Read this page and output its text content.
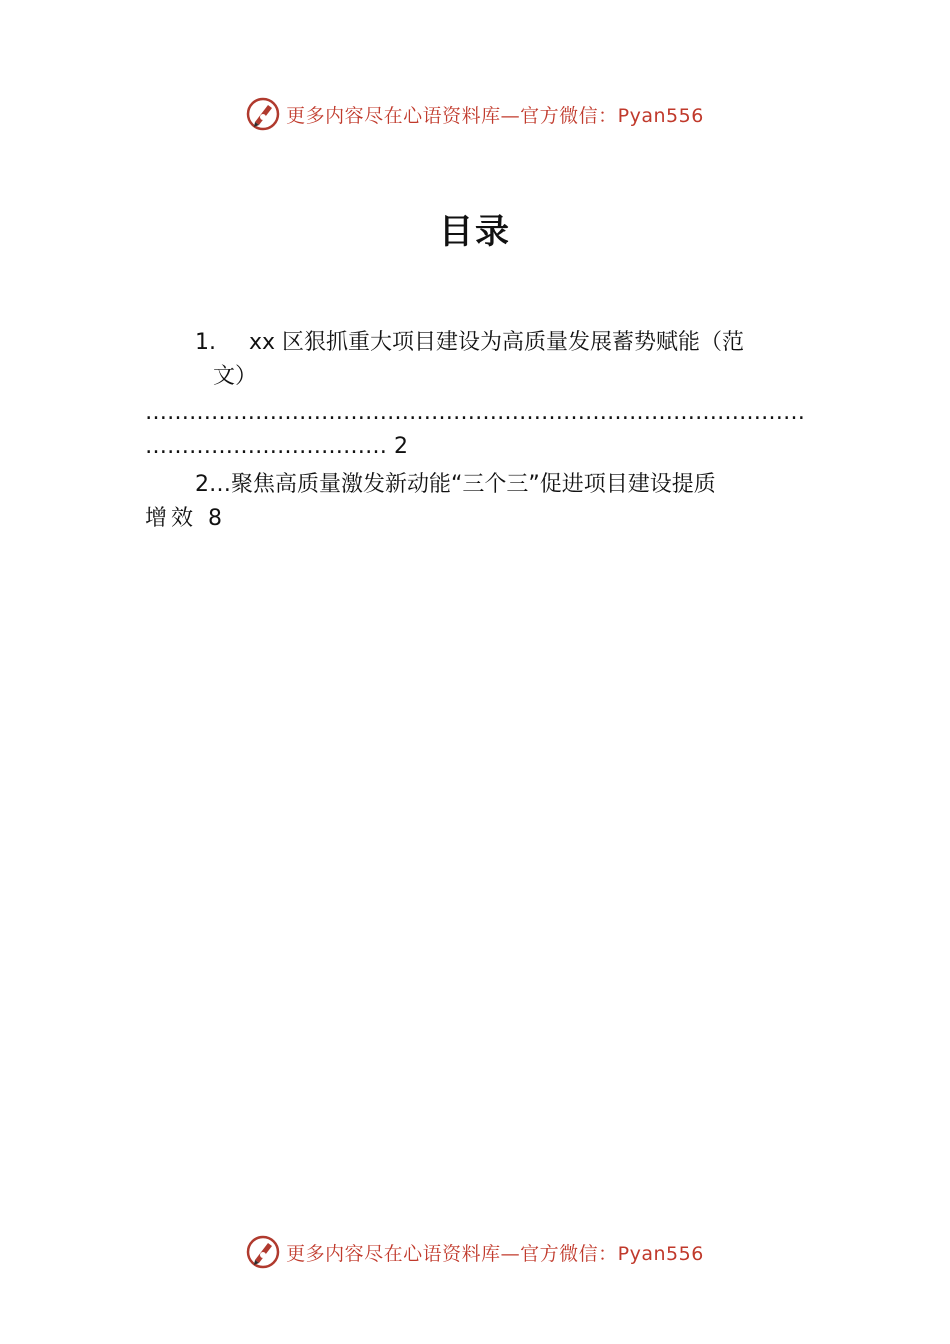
更多内容尽在心语资料库—官方微信：Pyan556
目录
1. xx 区狠抓重大项目建设为高质量发展蓄势赋能（范
文）
………………………………………………………………………………
…………………………… 2
2…聚焦高质量激发新动能“三个三”促进项目建设提质
增效 8
更多内容尽在心语资料库—官方微信：Pyan556
